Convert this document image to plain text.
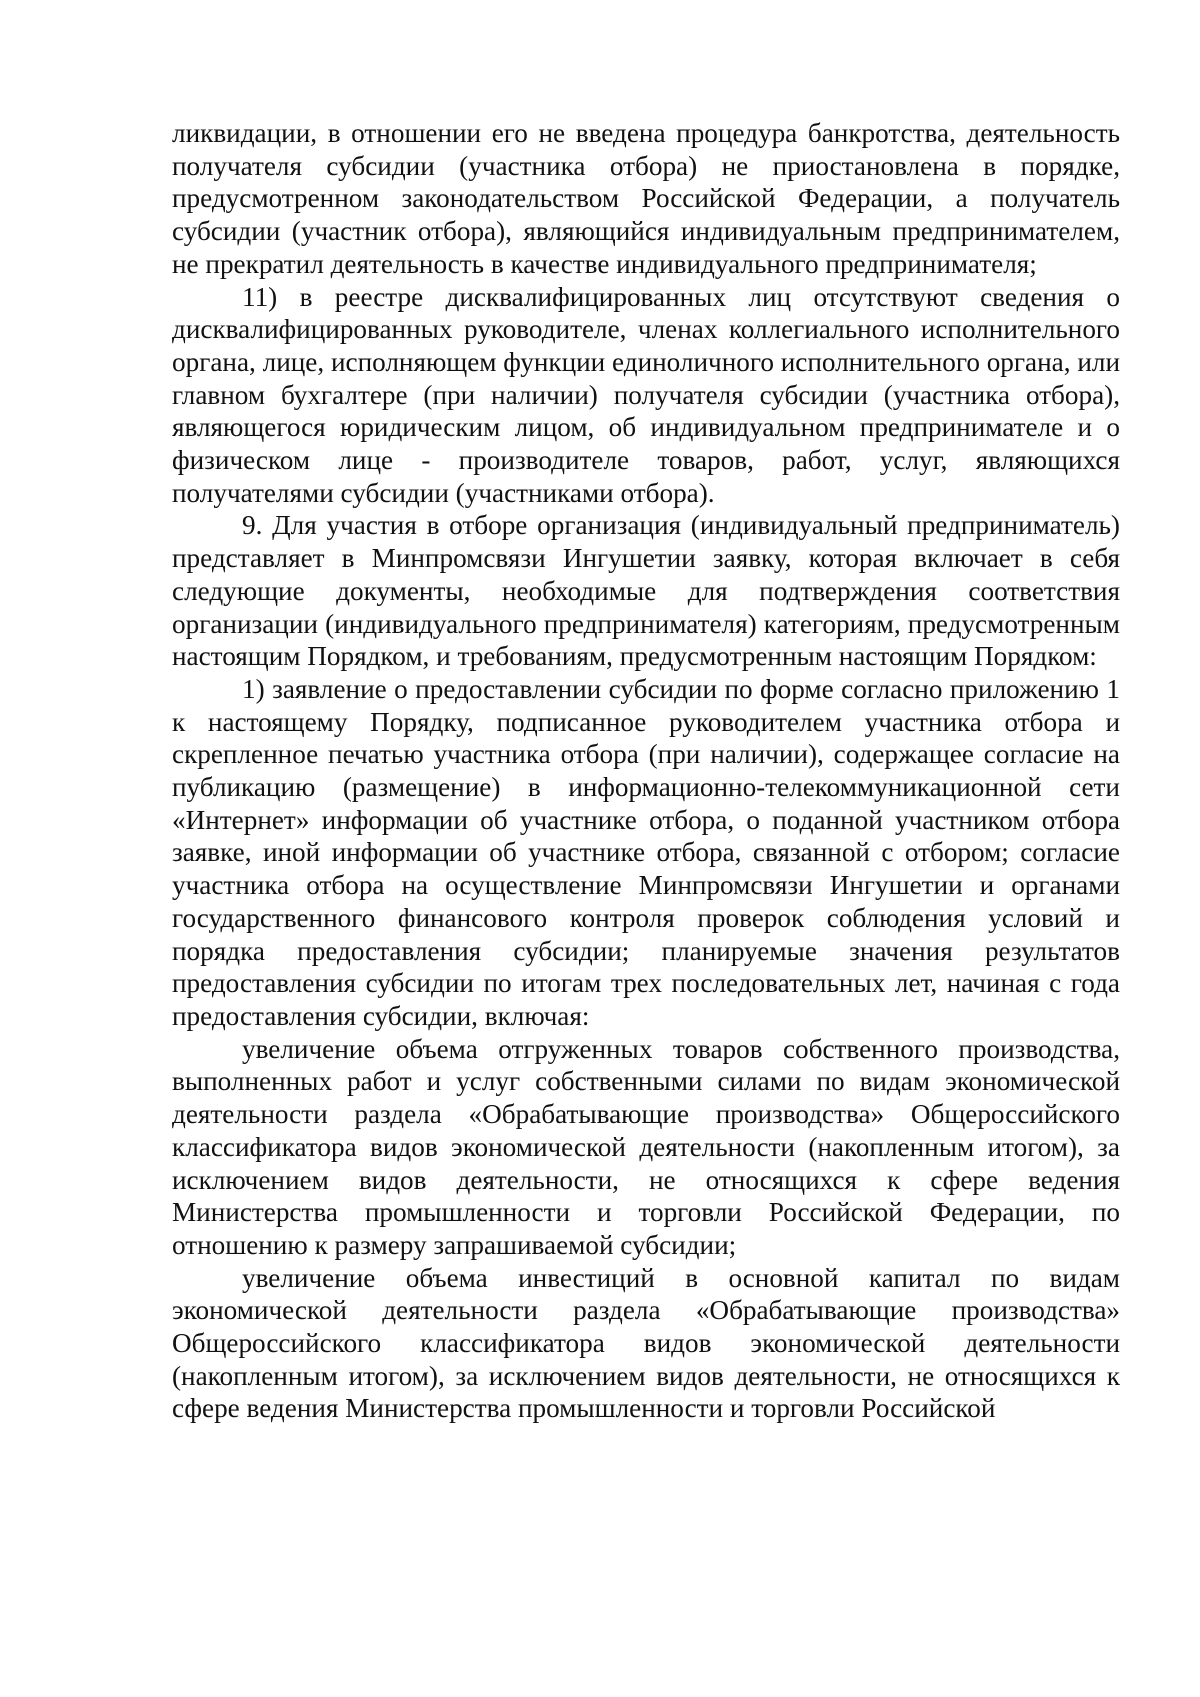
ликвидации, в отношении его не введена процедура банкротства, деятельность получателя субсидии (участника отбора) не приостановлена в порядке, предусмотренном законодательством Российской Федерации, а получатель субсидии (участник отбора), являющийся индивидуальным предпринимателем, не прекратил деятельность в качестве индивидуального предпринимателя;

11) в реестре дисквалифицированных лиц отсутствуют сведения о дисквалифицированных руководителе, членах коллегиального исполнительного органа, лице, исполняющем функции единоличного исполнительного органа, или главном бухгалтере (при наличии) получателя субсидии (участника отбора), являющегося юридическим лицом, об индивидуальном предпринимателе и о физическом лице - производителе товаров, работ, услуг, являющихся получателями субсидии (участниками отбора).

9. Для участия в отборе организация (индивидуальный предприниматель) представляет в Минпромсвязи Ингушетии заявку, которая включает в себя следующие документы, необходимые для подтверждения соответствия организации (индивидуального предпринимателя) категориям, предусмотренным настоящим Порядком, и требованиям, предусмотренным настоящим Порядком:

1) заявление о предоставлении субсидии по форме согласно приложению 1 к настоящему Порядку, подписанное руководителем участника отбора и скрепленное печатью участника отбора (при наличии), содержащее согласие на публикацию (размещение) в информационно-телекоммуникационной сети «Интернет» информации об участнике отбора, о поданной участником отбора заявке, иной информации об участнике отбора, связанной с отбором; согласие участника отбора на осуществление Минпромсвязи Ингушетии и органами государственного финансового контроля проверок соблюдения условий и порядка предоставления субсидии; планируемые значения результатов предоставления субсидии по итогам трех последовательных лет, начиная с года предоставления субсидии, включая:

увеличение объема отгруженных товаров собственного производства, выполненных работ и услуг собственными силами по видам экономической деятельности раздела «Обрабатывающие производства» Общероссийского классификатора видов экономической деятельности (накопленным итогом), за исключением видов деятельности, не относящихся к сфере ведения Министерства промышленности и торговли Российской Федерации, по отношению к размеру запрашиваемой субсидии;

увеличение объема инвестиций в основной капитал по видам экономической деятельности раздела «Обрабатывающие производства» Общероссийского классификатора видов экономической деятельности (накопленным итогом), за исключением видов деятельности, не относящихся к сфере ведения Министерства промышленности и торговли Российской
